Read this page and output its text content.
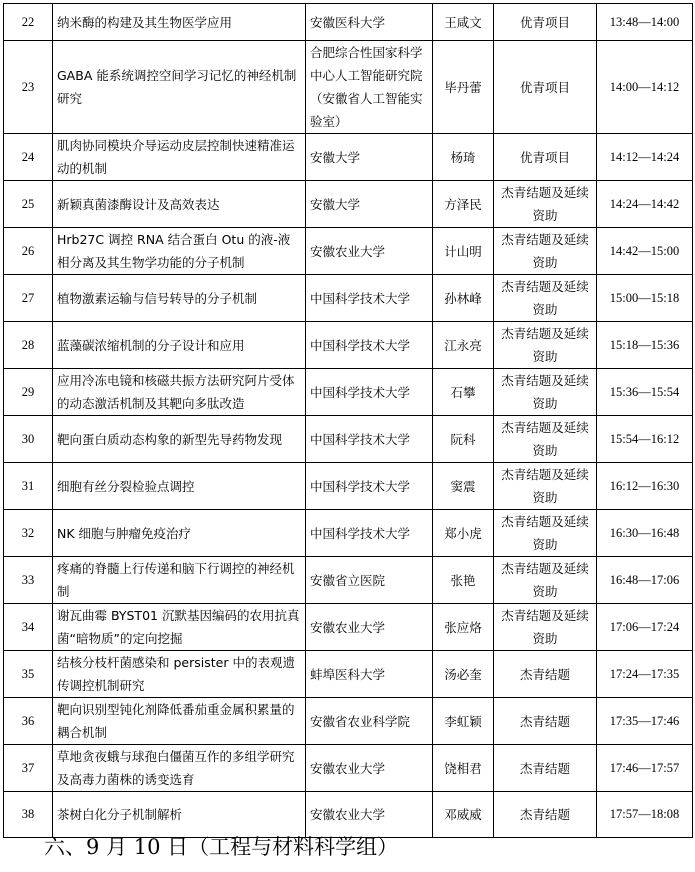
22	纳米酶的构建及其生物医学应用	安徽医科大学	王咸文	优青项目	13:48—14:00
23	GABA 能系统调控空间学习记忆的神经机制研究	合肥综合性国家科学中心人工智能研究院（安徽省人工智能实验室）	毕丹蕾	优青项目	14:00—14:12
24	肌肉协同模块介导运动皮层控制快速精准运动的机制	安徽大学	杨琦	优青项目	14:12—14:24
25	新颖真菌漆酶设计及高效表达	安徽大学	方泽民	杰青结题及延续资助	14:24—14:42
26	Hrb27C 调控 RNA 结合蛋白 Otu 的液-液相分离及其生物学功能的分子机制	安徽农业大学	计山明	杰青结题及延续资助	14:42—15:00
27	植物激素运输与信号转导的分子机制	中国科学技术大学	孙林峰	杰青结题及延续资助	15:00—15:18
28	蓝藻碳浓缩机制的分子设计和应用	中国科学技术大学	江永亮	杰青结题及延续资助	15:18—15:36
29	应用冷冻电镜和核磁共振方法研究阿片受体的动态激活机制及其靶向多肽改造	中国科学技术大学	石攀	杰青结题及延续资助	15:36—15:54
30	靶向蛋白质动态构象的新型先导药物发现	中国科学技术大学	阮科	杰青结题及延续资助	15:54—16:12
31	细胞有丝分裂检验点调控	中国科学技术大学	窦震	杰青结题及延续资助	16:12—16:30
32	NK 细胞与肿瘤免疫治疗	中国科学技术大学	郑小虎	杰青结题及延续资助	16:30—16:48
33	疼痛的脊髓上行传递和脑下行调控的神经机制	安徽省立医院	张艳	杰青结题及延续资助	16:48—17:06
34	谢瓦曲霉 BYST01 沉默基因编码的农用抗真菌“暗物质”的定向挖掘	安徽农业大学	张应烙	杰青结题及延续资助	17:06—17:24
35	结核分枝杆菌感染和 persister 中的表观遗传调控机制研究	蚌埠医科大学	汤必奎	杰青结题	17:24—17:35
36	靶向识别型钝化剂降低番茄重金属积累量的耦合机制	安徽省农业科学院	李虹颖	杰青结题	17:35—17:46
37	草地贪夜蛾与球孢白僵菌互作的多组学研究及高毒力菌株的诱变选育	安徽农业大学	饶相君	杰青结题	17:46—17:57
38	茶树白化分子机制解析	安徽农业大学	邓威威	杰青结题	17:57—18:08
六、9 月 10 日（工程与材料科学组）
